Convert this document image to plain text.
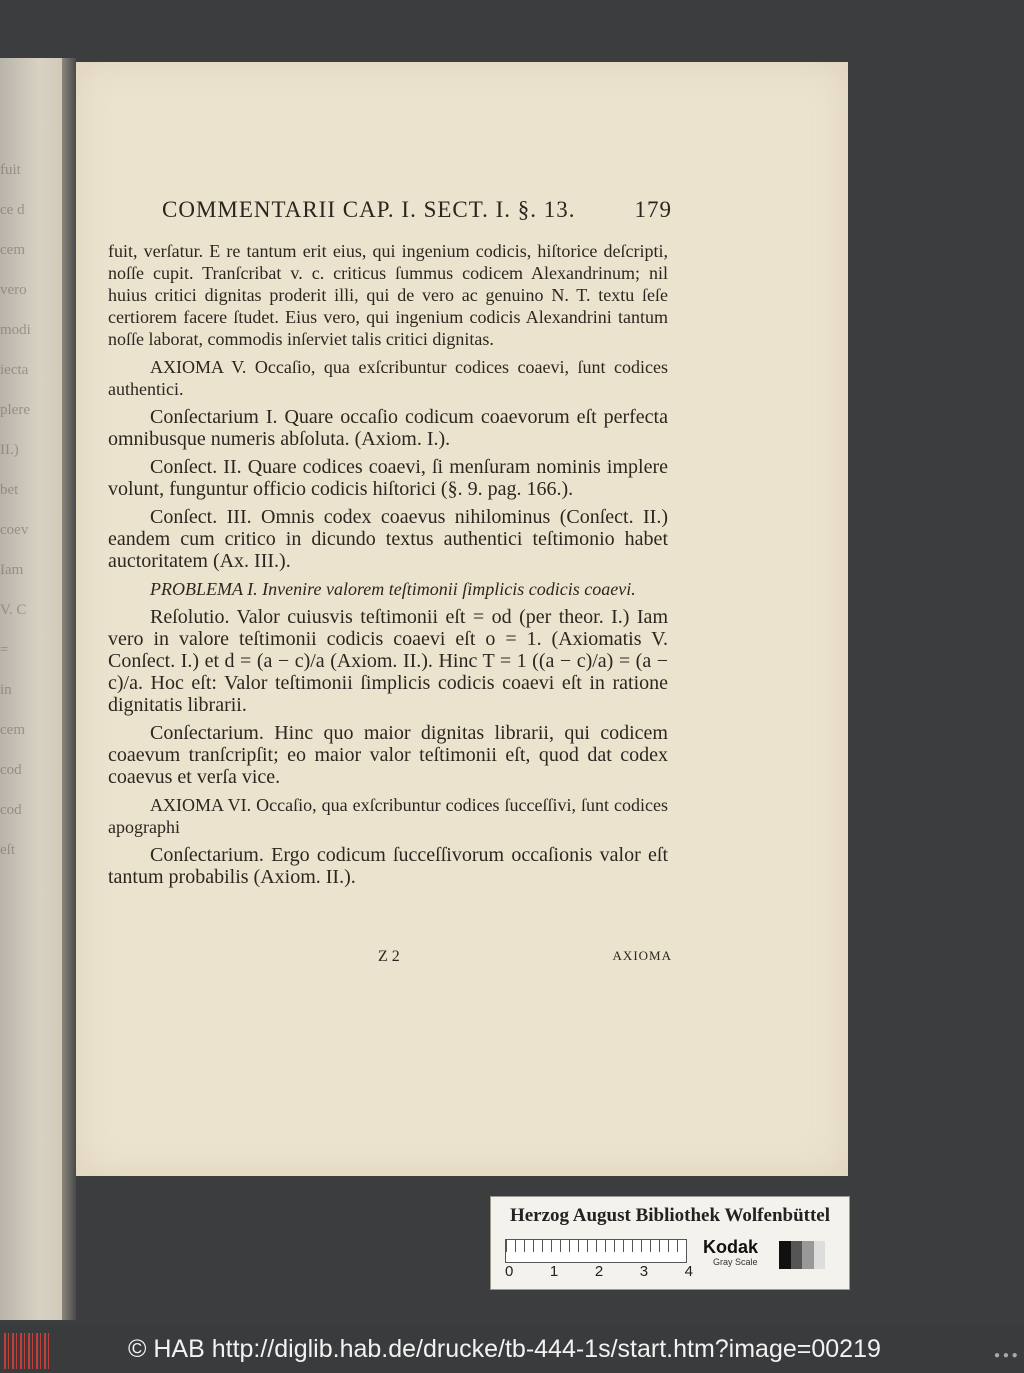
fuit
ce d
cem
vero
modi
iecta
plere
II.)
bet
coev
Iam
V. C
=
in
cem
cod
cod
eſt
COMMENTARII CAP. I. SECT. I. §. 13.	179

fuit, verſatur. E re tantum erit eius, qui ingenium codicis, hiſtorice deſcripti, noſſe cupit. Tranſcribat v. c. criticus ſummus codicem Alexandrinum; nil huius critici dignitas proderit illi, qui de vero ac genuino N. T. textu ſeſe certiorem facere ſtudet. Eius vero, qui ingenium codicis Alexandrini tantum noſſe laborat, commodis inſerviet talis critici dignitas.

AXIOMA V. Occaſio, qua exſcribuntur codices coaevi, ſunt codices authentici.

Conſectarium I. Quare occaſio codicum coaevorum eſt perfecta omnibusque numeris abſoluta. (Axiom. I.).

Conſect. II. Quare codices coaevi, ſi menſuram nominis implere volunt, funguntur officio codicis hiſtorici (§. 9. pag. 166.).

Conſect. III. Omnis codex coaevus nihilominus (Conſect. II.) eandem cum critico in dicundo textus authentici teſtimonio habet auctoritatem (Ax. III.).

PROBLEMA I. Invenire valorem teſtimonii ſimplicis codicis coaevi.

Reſolutio. Valor cuiusvis teſtimonii eſt = od (per theor. I.) Iam vero in valore teſtimonii codicis coaevi eſt o = 1. (Axiomatis V. Conſect. I.) et d = (a − c)/a (Axiom. II.). Hinc T = 1 ((a − c)/a) = (a − c)/a. Hoc eſt: Valor teſtimonii ſimplicis codicis coaevi eſt in ratione dignitatis librarii.

Conſectarium. Hinc quo maior dignitas librarii, qui codicem coaevum tranſcripſit; eo maior valor teſtimonii eſt, quod dat codex coaevus et verſa vice.

AXIOMA VI. Occaſio, qua exſcribuntur codices ſucceſſivi, ſunt codices apographi

Conſectarium. Ergo codicum ſucceſſivorum occaſionis valor eſt tantum probabilis (Axiom. II.).

Z 2	AXIOMA
Herzog August Bibliothek Wolfenbüttel
0 1 2 3 4
Kodak
Gray Scale
© HAB http://diglib.hab.de/drucke/tb-444-1s/start.htm?image=00219	● ● ●
